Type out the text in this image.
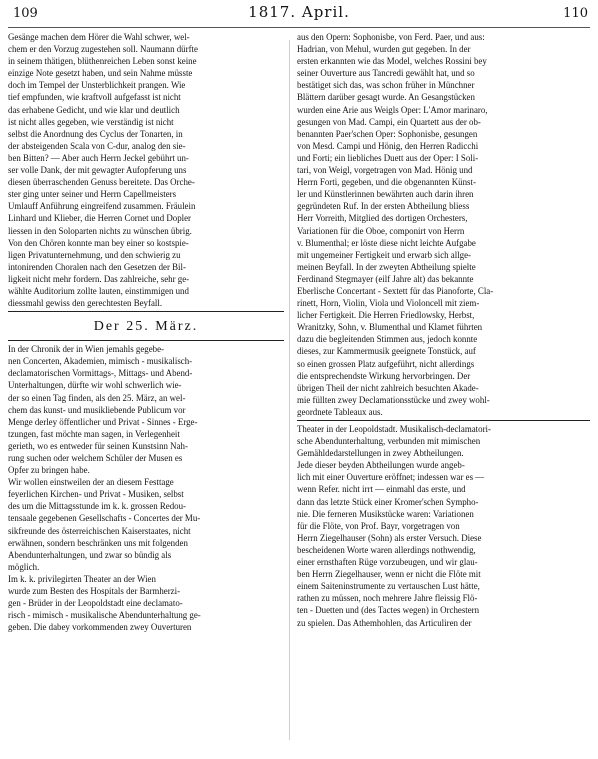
109	1817. April.	110
Gesänge machen dem Hörer die Wahl schwer, wel-
chem er den Vorzug zugestehen soll. Naumann dürfte
in seinem thätigen, blüthenreichen Leben sonst keine
einzige Note gesetzt haben, und sein Nahme müsste
doch im Tempel der Unsterblichkeit prangen. Wie
tief empfunden, wie kraftvoll aufgefasst ist nicht
das erhabene Gedicht, und wie klar und deutlich
ist nicht alles gegeben, wie verständig ist nicht
selbst die Anordnung des Cyclus der Tonarten, in
der absteigenden Scala von C-dur, analog den sie-
ben Bitten? — Aber auch Herrn Jeckel gebührt un-
ser volle Dank, der mit gewagter Aufopferung uns
diesen überraschenden Genuss bereitete. Das Orche-
ster ging unter seiner und Herrn Capellmeisters
Umlauff Anführung eingreifend zusammen. Fräulein
Linhard und Klieber, die Herren Cornet und Dopler
liessen in den Soloparten nichts zu wünschen übrig.
Von den Chören konnte man bey einer so kostspie-
ligen Privatunternehmung, und den schwierig zu
intonirenden Choralen nach den Gesetzen der Bil-
ligkeit nicht mehr fordern. Das zahlreiche, sehr ge-
wählte Auditorium zollte lauten, einstimmigen und
diessmahl gewiss den gerechtesten Beyfall.
Der 25. März.
In der Chronik der in Wien jemahls gegebe-
nen Concerten, Akademien, mimisch - musikalisch-
declamatorischen Vormittags-, Mittags- und Abend-
Unterhaltungen, dürfte wir wohl schwerlich wie-
der so einen Tag finden, als den 25. März, an wel-
chem das kunst- und musikliebende Publicum vor
Menge derley öffentlicher und Privat - Sinnes - Erge-
tzungen, fast möchte man sagen, in Verlegenheit
gerieth, wo es entweder für seinen Kunstsinn Nah-
rung suchen oder welchem Schüler der Musen es
Opfer zu bringen habe.
Wir wollen einstweilen der an diesem Festtage
feyerlichen Kirchen- und Privat - Musiken, selbst
des um die Mittagsstunde im k. k. grossen Redou-
tensaale gegebenen Gesellschafts - Concertes der Mu-
sikfreunde des österreichischen Kaiserstaates, nicht
erwähnen, sondern beschränken uns mit folgenden
Abendunterhaltungen, und zwar so bündig als
möglich.
Im k. k. privilegirten Theater an der Wien
wurde zum Besten des Hospitals der Barmherzi-
gen - Brüder in der Leopoldstadt eine declamato-
risch - mimisch - musikalische Abendunterhaltung ge-
geben. Die dabey vorkommenden zwey Ouverturen
aus den Opern: Sophonisbe, von Ferd. Paer, und aus:
Hadrian, von Mehul, wurden gut gegeben. In der
ersten erkannten wie das Model, welches Rossini bey
seiner Ouverture aus Tancredi gewählt hat, und so
bestätiget sich das, was schon früher in Münchner
Blättern darüber gesagt wurde. An Gesangstücken
wurden eine Arie aus Weigls Oper: L'Amor marinaro,
gesungen von Mad. Campi, ein Quartett aus der ob-
benannten Paer'schen Oper: Sophonisbe, gesungen
von Mesd. Campi und Hönig, den Herren Radicchi
und Forti; ein liebliches Duett aus der Oper: I Soli-
tari, von Weigl, vorgetragen von Mad. Hönig und
Herrn Forti, gegeben, und die obgenannten Künst-
ler und Künstlerinnen bewährten auch darin ihren
gegründeten Ruf. In der ersten Abtheilung bliess
Herr Vorreith, Mitglied des dortigen Orchesters,
Variationen für die Oboe, componirt von Herrn
v. Blumenthal; er löste diese nicht leichte Aufgabe
mit ungemeiner Fertigkeit und erwarb sich allge-
meinen Beyfall. In der zweyten Abtheilung spielte
Ferdinand Stegmayer (eilf Jahre alt) das bekannte
Eberlische Concertant - Sextett für das Pianoforte, Cla-
rinett, Horn, Violin, Viola und Violoncell mit ziem-
licher Fertigkeit. Die Herren Friedlowsky, Herbst,
Wranitzky, Sohn, v. Blumenthal und Klamet führten
dazu die begleitenden Stimmen aus, jedoch konnte
dieses, zur Kammermusik geeignete Tonstück, auf
so einen grossen Platz aufgeführt, nicht allerdings
die entsprechendste Wirkung hervorbringen. Der
übrigen Theil der nicht zahlreich besuchten Akade-
mie füllten zwey Declamationsstücke und zwey wohl-
geordnete Tableaux aus.
Theater in der Leopoldstadt. Musikalisch-declamatori-
sche Abendunterhaltung, verbunden mit mimischen
Gemähldedarstellungen in zwey Abtheilungen.
Jede dieser beyden Abtheilungen wurde angeb-
lich mit einer Ouverture eröffnet; indessen war es —
wenn Refer. nicht irrt — einmahl das erste, und
dann das letzte Stück einer Kromer'schen Sympho-
nie. Die ferneren Musikstücke waren: Variationen
für die Flöte, von Prof. Bayr, vorgetragen von
Herrn Ziegelhauser (Sohn) als erster Versuch. Diese
bescheidenen Worte waren allerdings nothwendig,
einer ernsthaften Rüge vorzubeugen, und wir glau-
ben Herrn Ziegelhauser, wenn er nicht die Flöte mit
einem Saiteninstrumente zu vertauschen Lust hätte,
rathen zu müssen, noch mehrere Jahre fleissig Flö-
ten - Duetten und (des Tactes wegen) in Orchestern
zu spielen. Das Athemhohlen, das Articuliren der
